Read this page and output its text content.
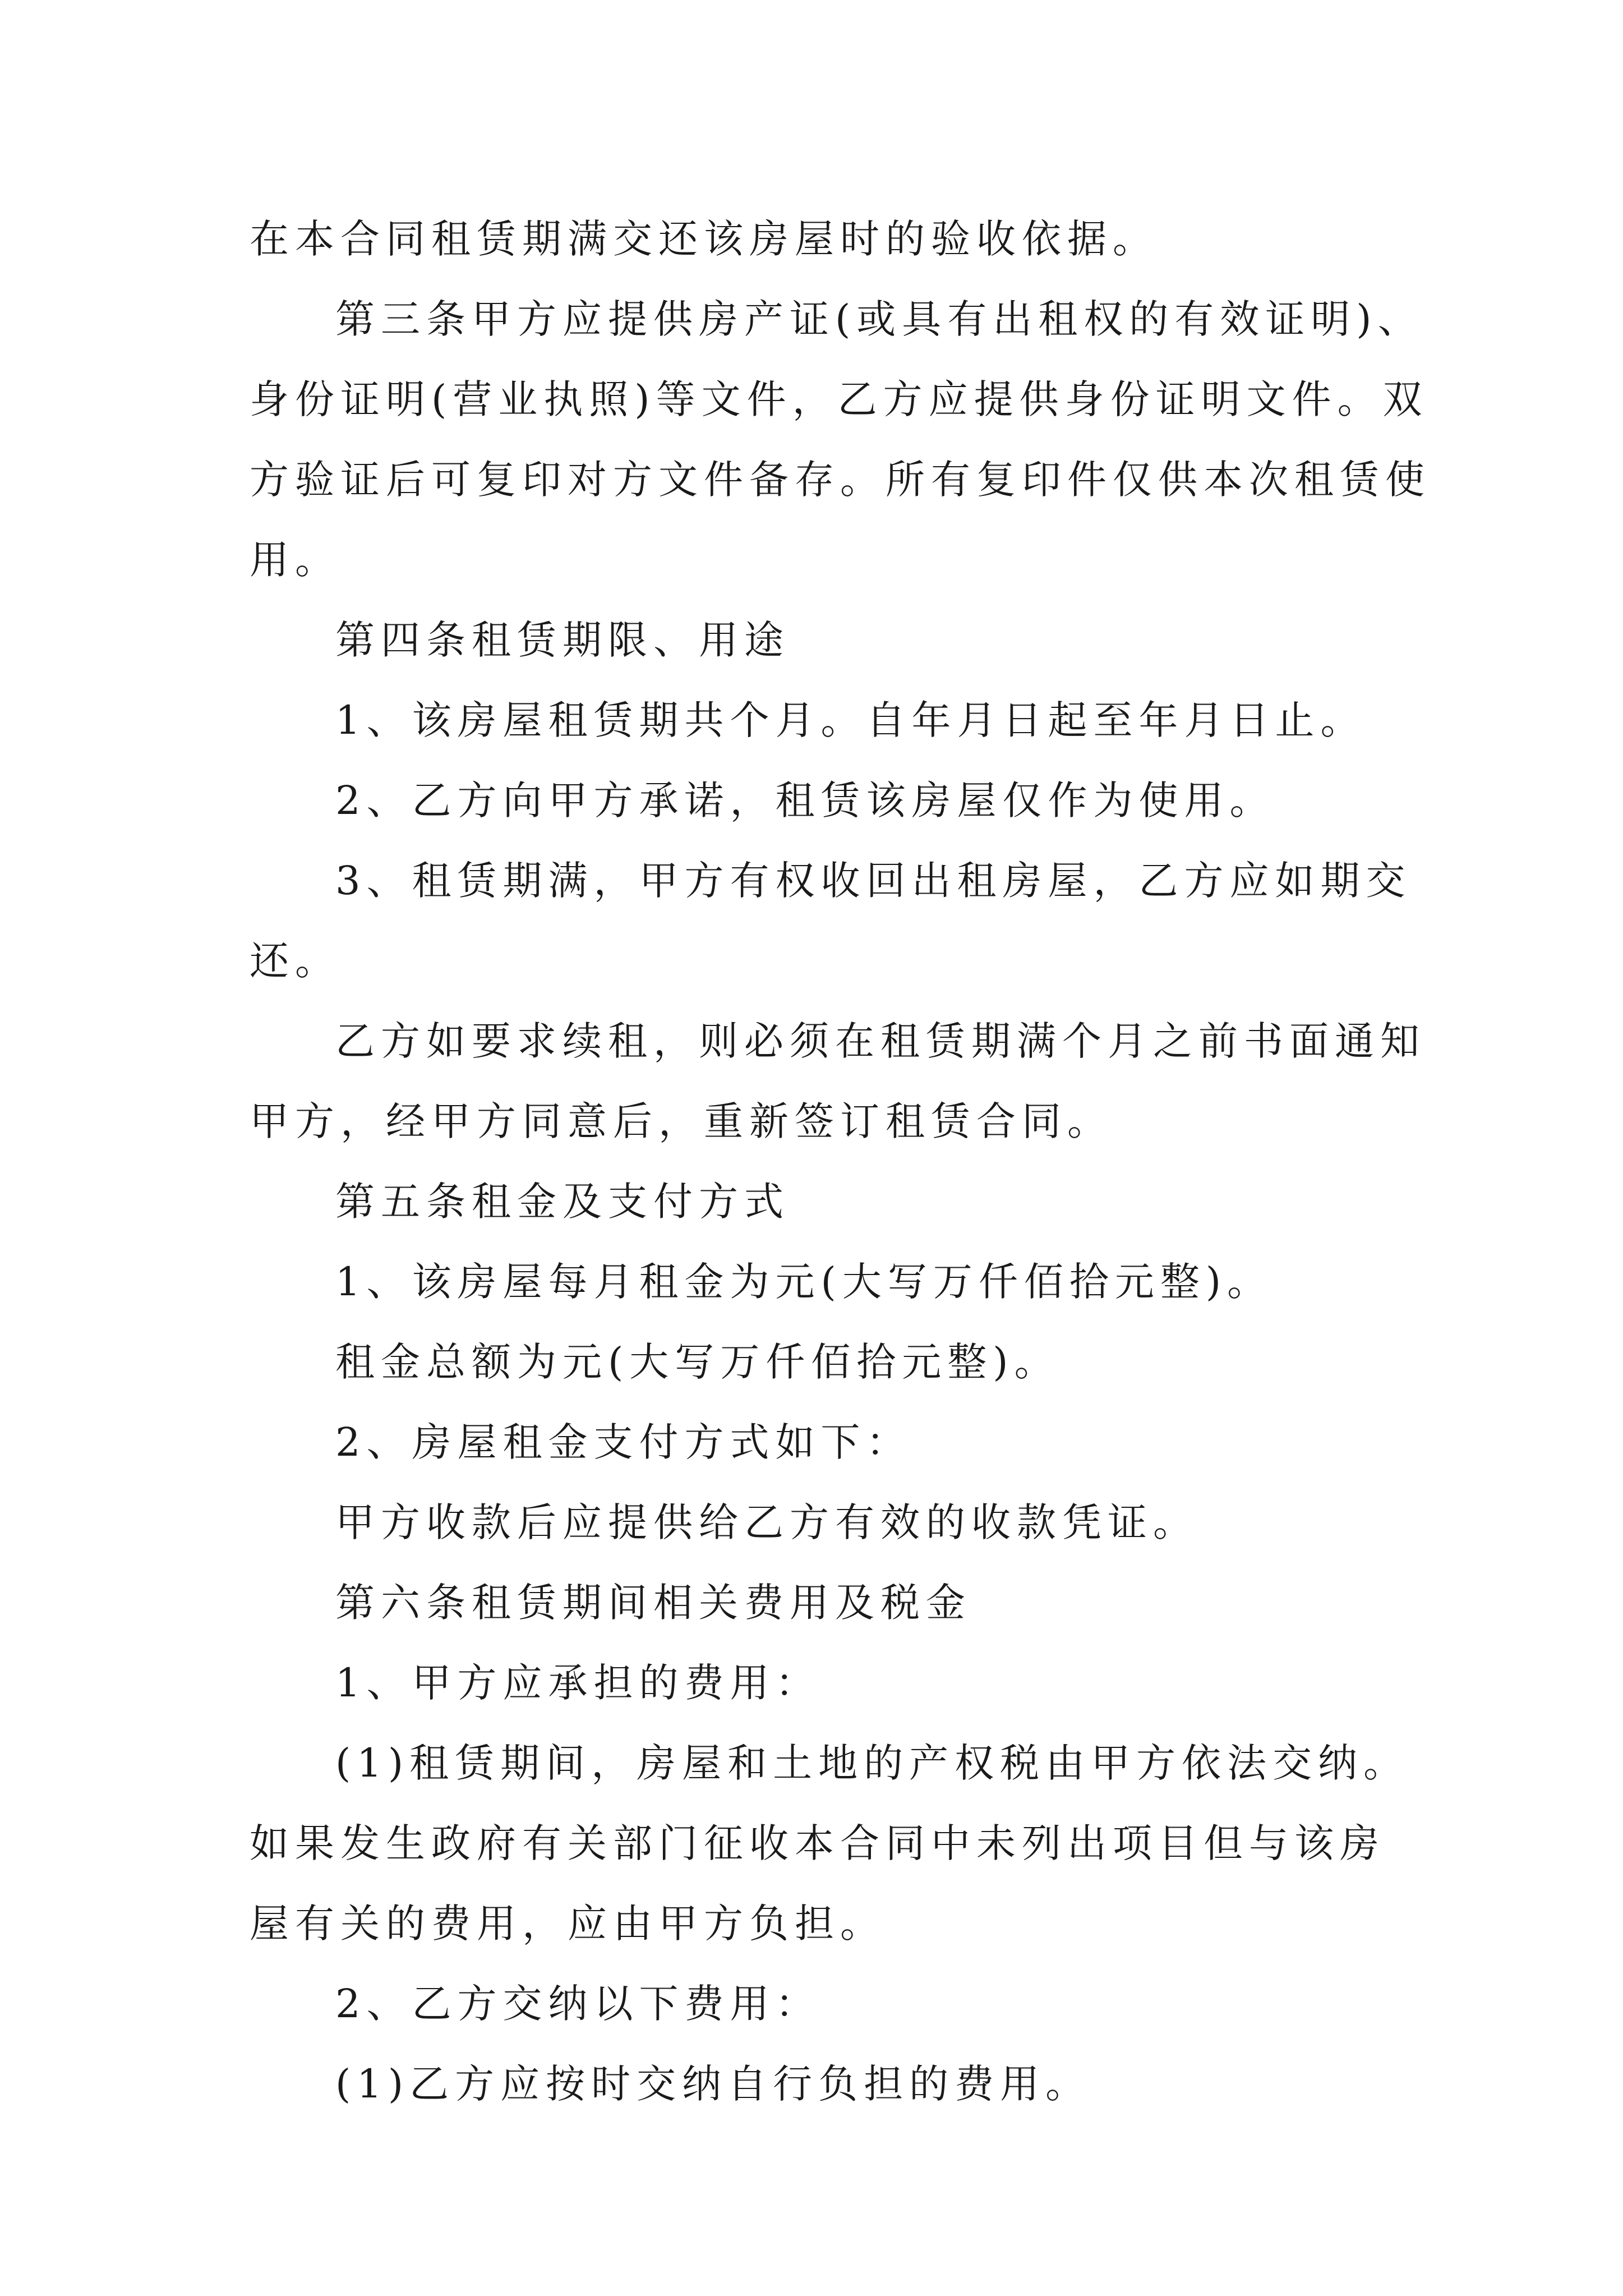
在本合同租赁期满交还该房屋时的验收依据。
第三条甲方应提供房产证(或具有出租权的有效证明)、
身份证明(营业执照)等文件，乙方应提供身份证明文件。双
方验证后可复印对方文件备存。所有复印件仅供本次租赁使
用。
第四条租赁期限、用途
1、该房屋租赁期共个月。自年月日起至年月日止。
2、乙方向甲方承诺，租赁该房屋仅作为使用。
3、租赁期满，甲方有权收回出租房屋，乙方应如期交
还。
乙方如要求续租，则必须在租赁期满个月之前书面通知
甲方，经甲方同意后，重新签订租赁合同。
第五条租金及支付方式
1、该房屋每月租金为元(大写万仟佰拾元整)。
租金总额为元(大写万仟佰拾元整)。
2、房屋租金支付方式如下：
甲方收款后应提供给乙方有效的收款凭证。
第六条租赁期间相关费用及税金
1、甲方应承担的费用：
(1)租赁期间，房屋和土地的产权税由甲方依法交纳。
如果发生政府有关部门征收本合同中未列出项目但与该房
屋有关的费用，应由甲方负担。
2、乙方交纳以下费用：
(1)乙方应按时交纳自行负担的费用。
